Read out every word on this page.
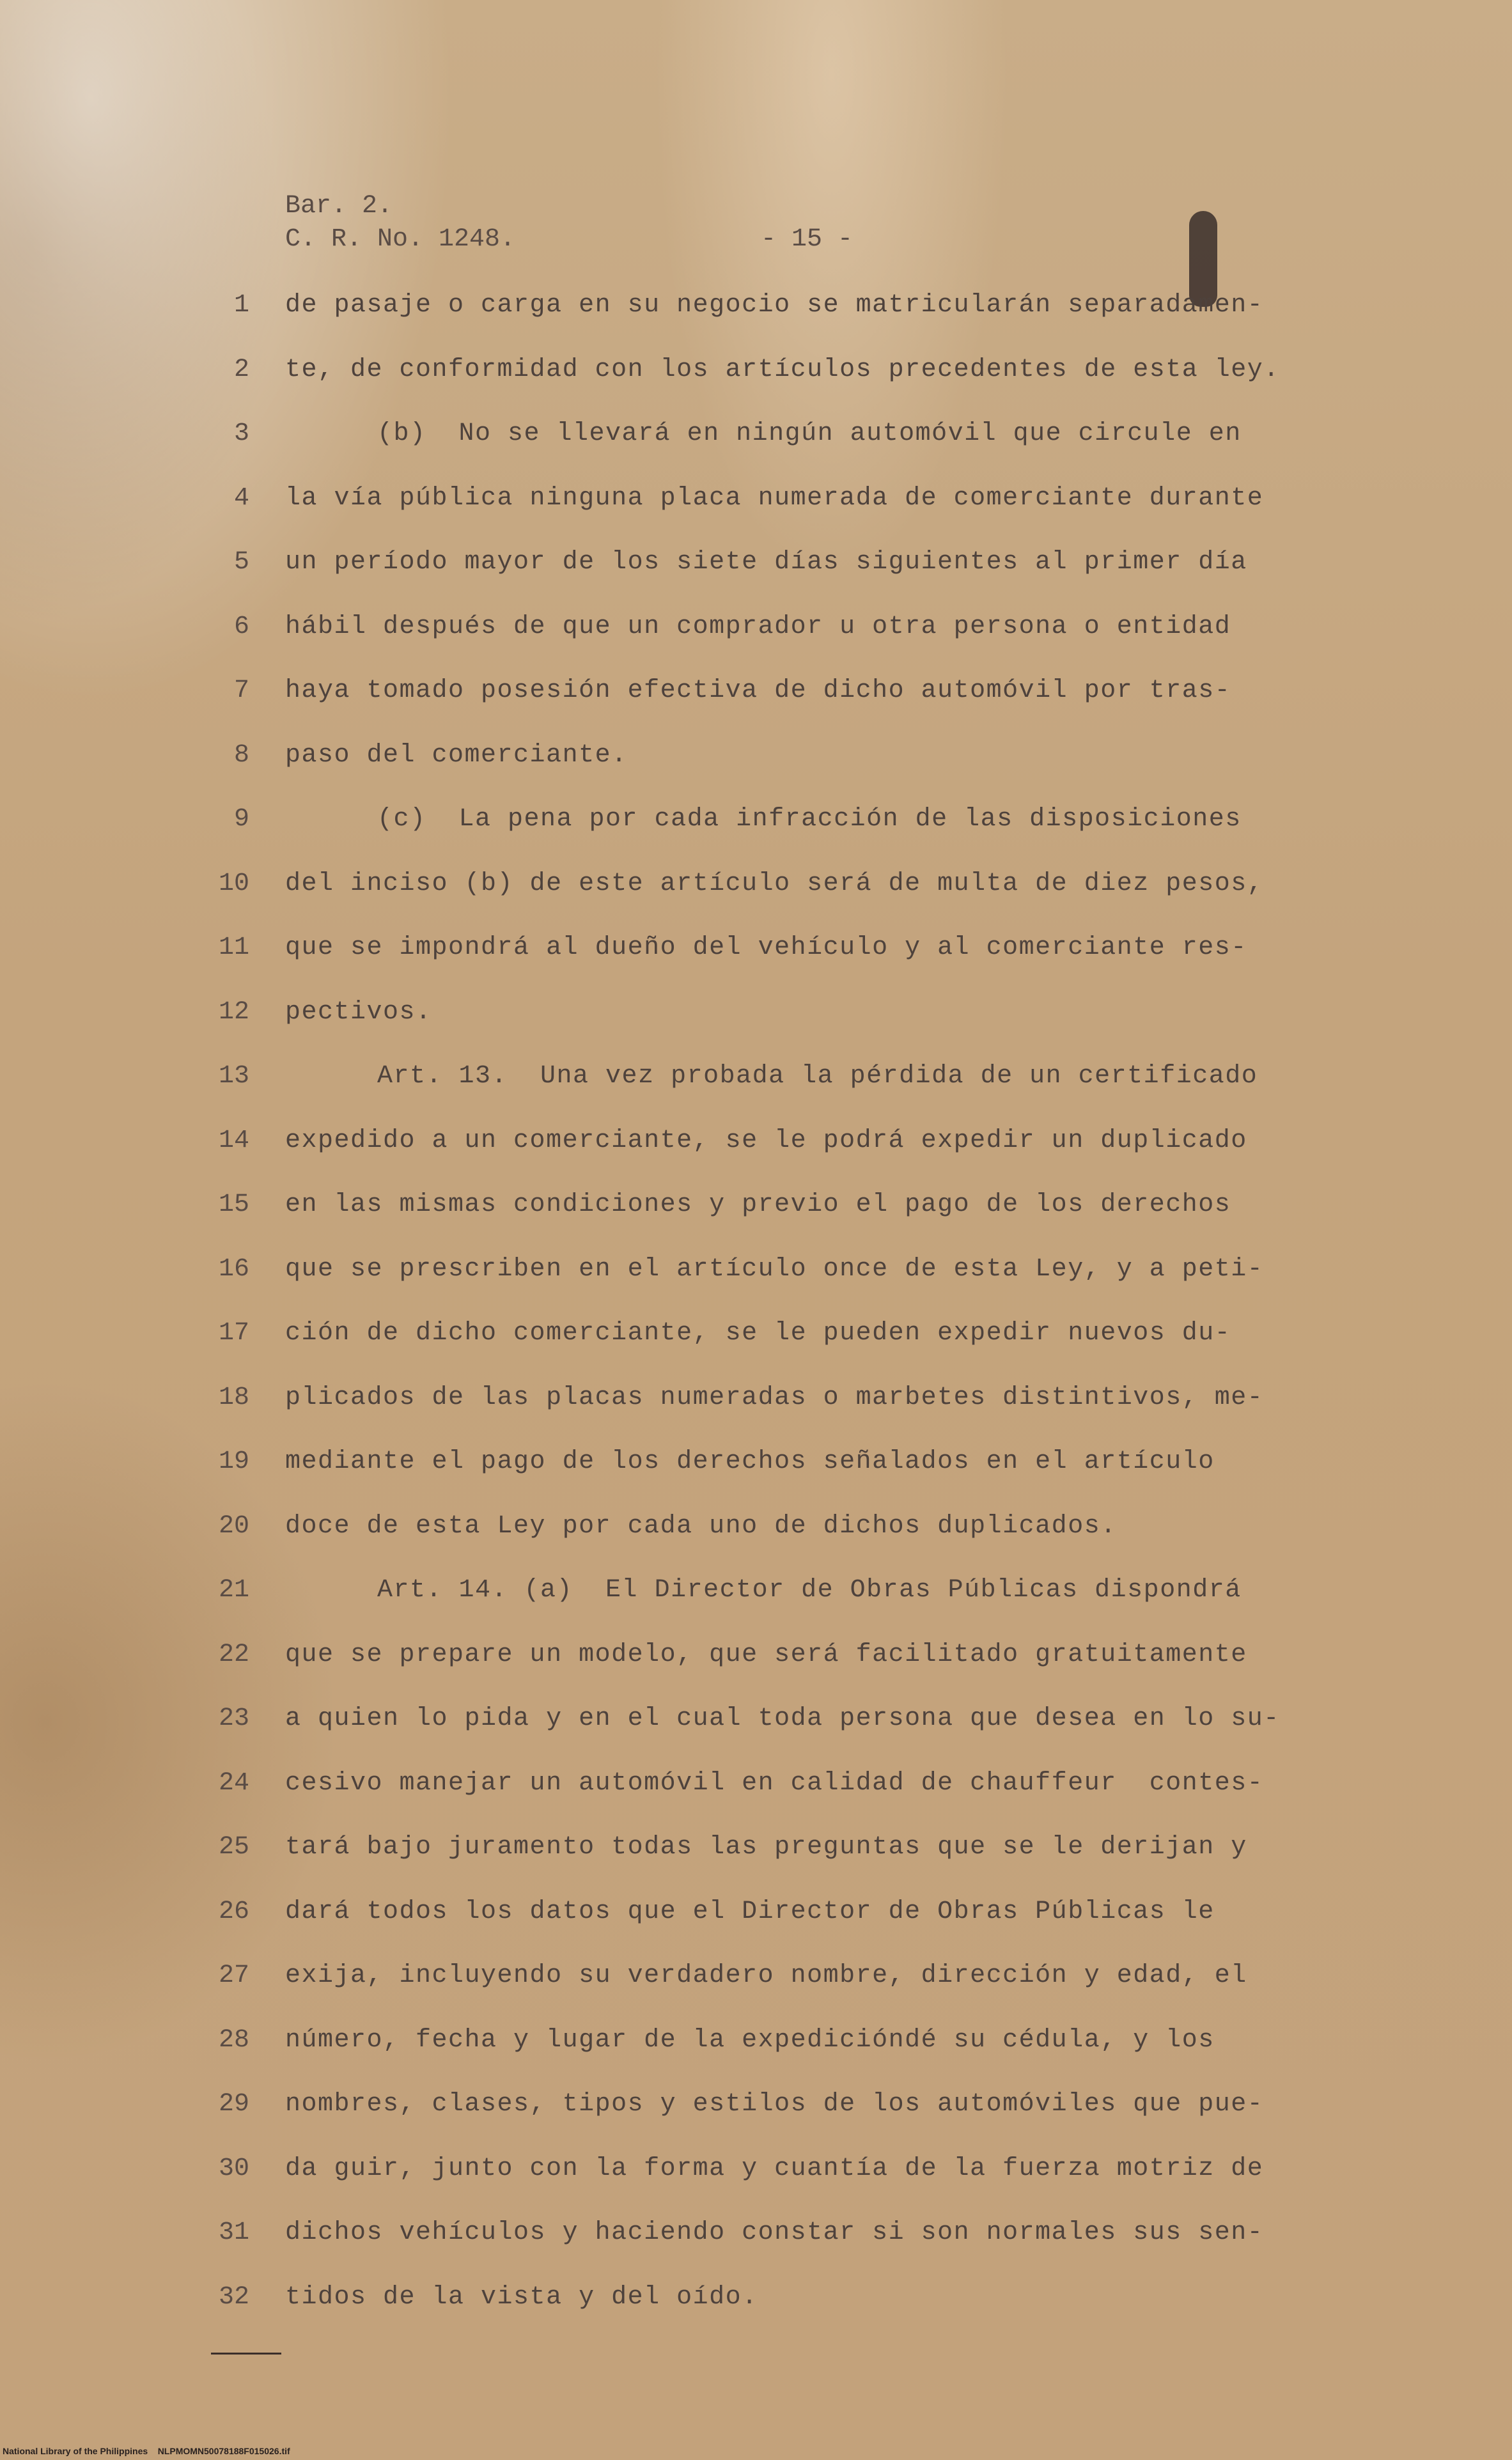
Bar. 2.
C. R. No. 1248.	- 15 -
1 de pasaje o carga en su negocio se matricularán separadamen-
2 te, de conformidad con los artículos precedentes de esta ley.
3	(b)  No se llevará en ningún automóvil que circule en
4 la vía pública ninguna placa numerada de comerciante durante
5 un período mayor de los siete días siguientes al primer día
6 hábil después de que un comprador u otra persona o entidad
7 haya tomado posesión efectiva de dicho automóvil por tras-
8 paso del comerciante.
9	(c)  La pena por cada infracción de las disposiciones
10 del inciso (b) de este artículo será de multa de diez pesos,
11 que se impondrá al dueño del vehículo y al comerciante res-
12 pectivos.
13	Art. 13.  Una vez probada la pérdida de un certificado
14 expedido a un comerciante, se le podrá expedir un duplicado
15 en las mismas condiciones y previo el pago de los derechos
16 que se prescriben en el artículo once de esta Ley, y a peti-
17 ción de dicho comerciante, se le pueden expedir nuevos du-
18 plicados de las placas numeradas o marbetes distintivos, me-
19 mediante el pago de los derechos señalados en el artículo
20 doce de esta Ley por cada uno de dichos duplicados.
21	Art. 14. (a)  El Director de Obras Públicas dispondrá
22 que se prepare un modelo, que será facilitado gratuitamente
23 a quien lo pida y en el cual toda persona que desea en lo su-
24 cesivo manejar un automóvil en calidad de chauffeur  contes-
25 tará bajo juramento todas las preguntas que se le derijan y
26 dará todos los datos que el Director de Obras Públicas le
27 exija, incluyendo su verdadero nombre, dirección y edad, el
28 número, fecha y lugar de la expedicióndé su cédula, y los
29 nombres, clases, tipos y estilos de los automóviles que pue-
30 da guir, junto con la forma y cuantía de la fuerza motriz de
31 dichos vehículos y haciendo constar si son normales sus sen-
32 tidos de la vista y del oído.
National Library of the Philippines    NLPMOMN50078188F015026.tif
